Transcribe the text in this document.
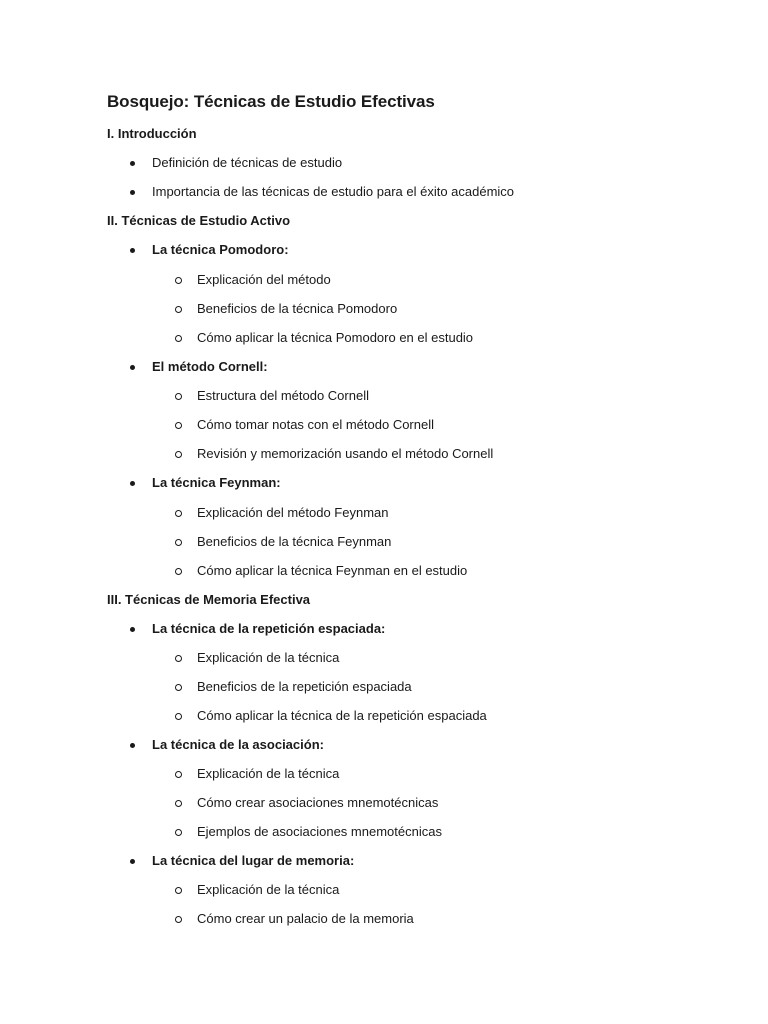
Bosquejo: Técnicas de Estudio Efectivas
I. Introducción
Definición de técnicas de estudio
Importancia de las técnicas de estudio para el éxito académico
II. Técnicas de Estudio Activo
La técnica Pomodoro:
Explicación del método
Beneficios de la técnica Pomodoro
Cómo aplicar la técnica Pomodoro en el estudio
El método Cornell:
Estructura del método Cornell
Cómo tomar notas con el método Cornell
Revisión y memorización usando el método Cornell
La técnica Feynman:
Explicación del método Feynman
Beneficios de la técnica Feynman
Cómo aplicar la técnica Feynman en el estudio
III. Técnicas de Memoria Efectiva
La técnica de la repetición espaciada:
Explicación de la técnica
Beneficios de la repetición espaciada
Cómo aplicar la técnica de la repetición espaciada
La técnica de la asociación:
Explicación de la técnica
Cómo crear asociaciones mnemotécnicas
Ejemplos de asociaciones mnemotécnicas
La técnica del lugar de memoria:
Explicación de la técnica
Cómo crear un palacio de la memoria
